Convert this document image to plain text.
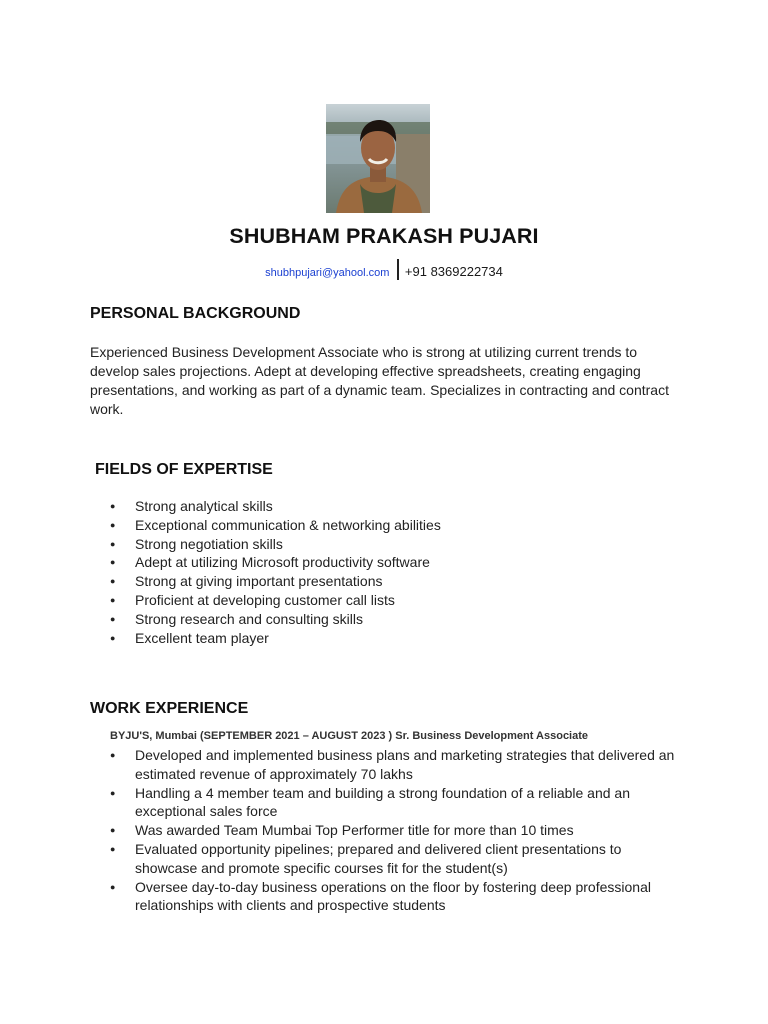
SHUBHAM PRAKASH PUJARI
shubhpujari@yahool.com +91 8369222734
PERSONAL BACKGROUND

Experienced Business Development Associate who is strong at utilizing current trends to develop sales projections. Adept at developing effective spreadsheets, creating engaging presentations, and working as part of a dynamic team. Specializes in contracting and contract work.

FIELDS OF EXPERTISE
● Strong analytical skills
● Exceptional communication & networking abilities
● Strong negotiation skills
● Adept at utilizing Microsoft productivity software
● Strong at giving important presentations
● Proficient at developing customer call lists
● Strong research and consulting skills
● Excellent team player
WORK EXPERIENCE
BYJU'S, Mumbai (SEPTEMBER 2021 – AUGUST 2023 ) Sr. Business Development Associate
● Developed and implemented business plans and marketing strategies that delivered an estimated revenue of approximately 70 lakhs
● Handling a 4 member team and building a strong foundation of a reliable and an exceptional sales force
● Was awarded Team Mumbai Top Performer title for more than 10 times
● Evaluated opportunity pipelines; prepared and delivered client presentations to showcase and promote specific courses fit for the student(s)
● Oversee day-to-day business operations on the floor by fostering deep professional relationships with clients and prospective students
